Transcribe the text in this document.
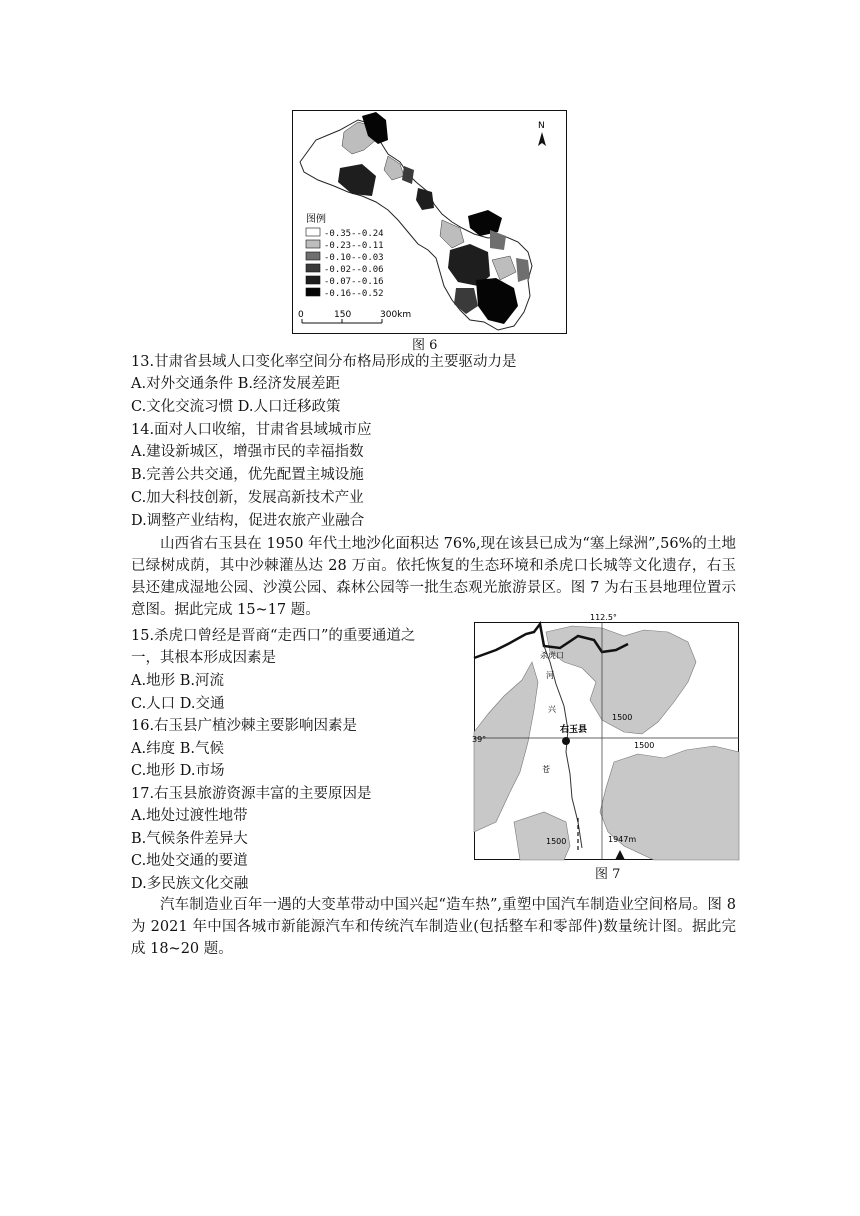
N
图例
-0.35--0.24
-0.23--0.11
-0.10--0.03
-0.02--0.06
-0.07--0.16
-0.16--0.52
0	150	300km
图 6
13.甘肃省县域人口变化率空间分布格局形成的主要驱动力是
A.对外交通条件 B.经济发展差距
C.文化交流习惯 D.人口迁移政策
14.面对人口收缩，甘肃省县域城市应
A.建设新城区，增强市民的幸福指数
B.完善公共交通，优先配置主城设施
C.加大科技创新，发展高新技术产业
D.调整产业结构，促进农旅产业融合
山西省右玉县在 1950 年代土地沙化面积达 76%,现在该县已成为“塞上绿洲”,56%的土地已绿树成荫，其中沙棘灌丛达 28 万亩。依托恢复的生态环境和杀虎口长城等文化遗存，右玉县还建成湿地公园、沙漠公园、森林公园等一批生态观光旅游景区。图 7 为右玉县地理位置示意图。据此完成 15~17 题。
15.杀虎口曾经是晋商“走西口”的重要通道之
一，其根本形成因素是
A.地形 B.河流
C.人口 D.交通
16.右玉县广植沙棘主要影响因素是
A.纬度 B.气候
C.地形 D.市场
17.右玉县旅游资源丰富的主要原因是
A.地处过渡性地带
B.气候条件差异大
C.地处交通的要道
D.多民族文化交融
112.5°
39°
杀虎口
河
兴
苍
右玉县
1500
1500
1500	1947m
图 7
汽车制造业百年一遇的大变革带动中国兴起“造车热”,重塑中国汽车制造业空间格局。图 8 为 2021 年中国各城市新能源汽车和传统汽车制造业(包括整车和零部件)数量统计图。据此完成 18~20 题。
